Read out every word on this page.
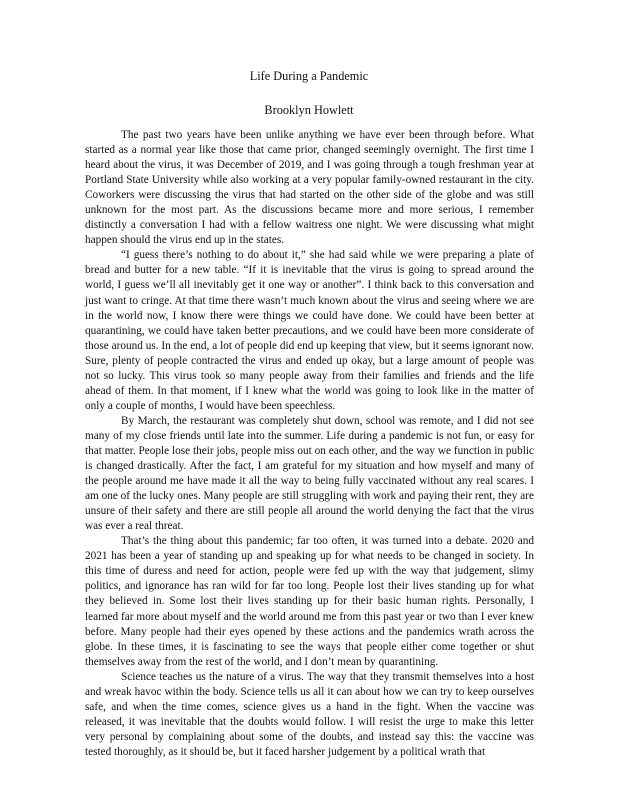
Life During a Pandemic
Brooklyn Howlett

The past two years have been unlike anything we have ever been through before. What started as a normal year like those that came prior, changed seemingly overnight. The first time I heard about the virus, it was December of 2019, and I was going through a tough freshman year at Portland State University while also working at a very popular family-owned restaurant in the city. Coworkers were discussing the virus that had started on the other side of the globe and was still unknown for the most part. As the discussions became more and more serious, I remember distinctly a conversation I had with a fellow waitress one night. We were discussing what might happen should the virus end up in the states.

“I guess there’s nothing to do about it,” she had said while we were preparing a plate of bread and butter for a new table. “If it is inevitable that the virus is going to spread around the world, I guess we’ll all inevitably get it one way or another”. I think back to this conversation and just want to cringe. At that time there wasn’t much known about the virus and seeing where we are in the world now, I know there were things we could have done. We could have been better at quarantining, we could have taken better precautions, and we could have been more considerate of those around us. In the end, a lot of people did end up keeping that view, but it seems ignorant now. Sure, plenty of people contracted the virus and ended up okay, but a large amount of people was not so lucky. This virus took so many people away from their families and friends and the life ahead of them. In that moment, if I knew what the world was going to look like in the matter of only a couple of months, I would have been speechless.

By March, the restaurant was completely shut down, school was remote, and I did not see many of my close friends until late into the summer. Life during a pandemic is not fun, or easy for that matter. People lose their jobs, people miss out on each other, and the way we function in public is changed drastically. After the fact, I am grateful for my situation and how myself and many of the people around me have made it all the way to being fully vaccinated without any real scares. I am one of the lucky ones. Many people are still struggling with work and paying their rent, they are unsure of their safety and there are still people all around the world denying the fact that the virus was ever a real threat.

That’s the thing about this pandemic; far too often, it was turned into a debate. 2020 and 2021 has been a year of standing up and speaking up for what needs to be changed in society. In this time of duress and need for action, people were fed up with the way that judgement, slimy politics, and ignorance has ran wild for far too long. People lost their lives standing up for what they believed in. Some lost their lives standing up for their basic human rights. Personally, I learned far more about myself and the world around me from this past year or two than I ever knew before. Many people had their eyes opened by these actions and the pandemics wrath across the globe. In these times, it is fascinating to see the ways that people either come together or shut themselves away from the rest of the world, and I don’t mean by quarantining.

Science teaches us the nature of a virus. The way that they transmit themselves into a host and wreak havoc within the body. Science tells us all it can about how we can try to keep ourselves safe, and when the time comes, science gives us a hand in the fight. When the vaccine was released, it was inevitable that the doubts would follow. I will resist the urge to make this letter very personal by complaining about some of the doubts, and instead say this: the vaccine was tested thoroughly, as it should be, but it faced harsher judgement by a political wrath that
